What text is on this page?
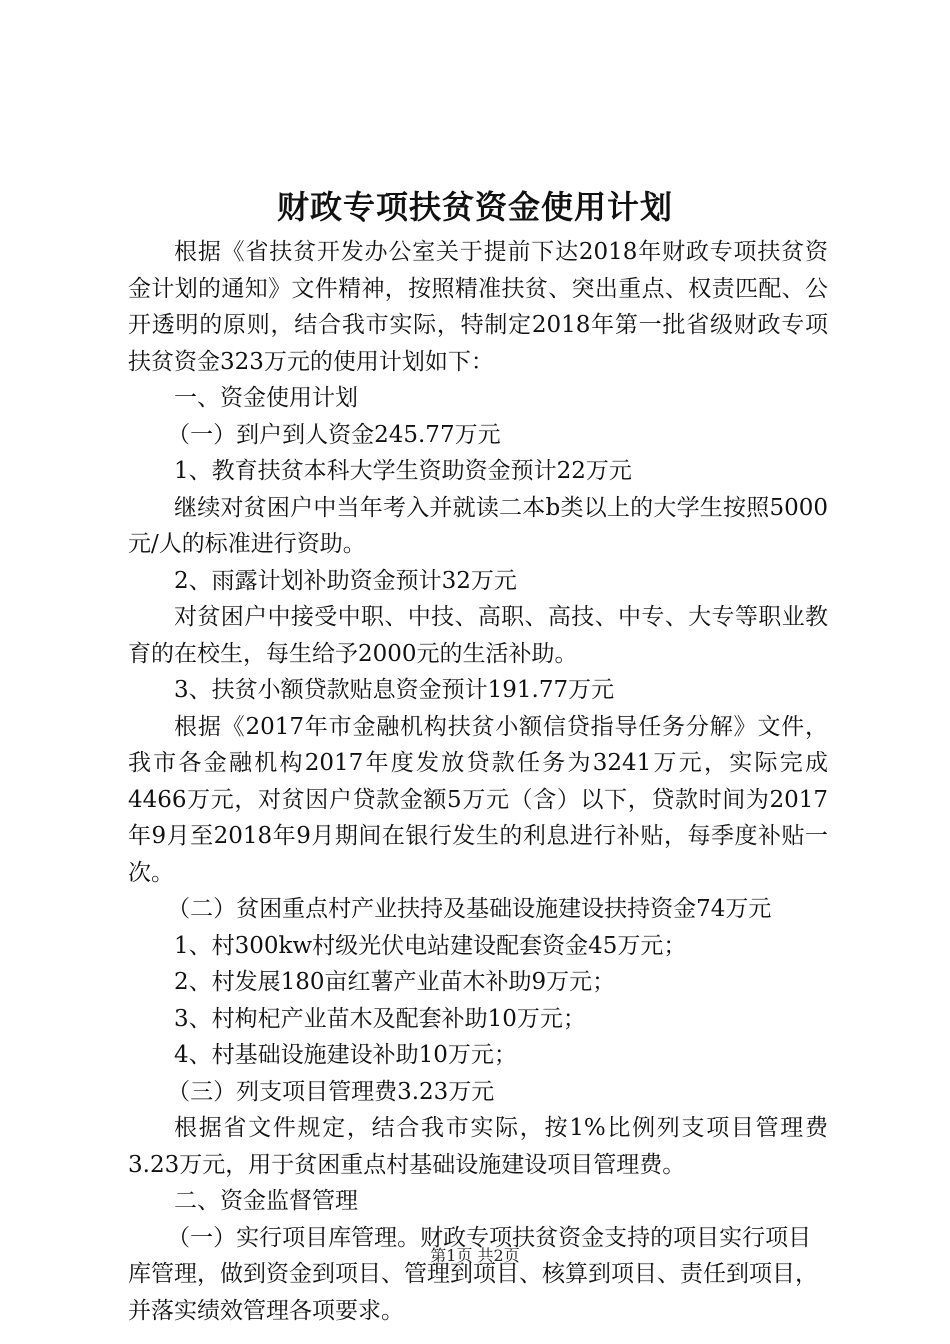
财政专项扶贫资金使用计划

根据《省扶贫开发办公室关于提前下达2018年财政专项扶贫资金计划的通知》文件精神，按照精准扶贫、突出重点、权责匹配、公开透明的原则，结合我市实际，特制定2018年第一批省级财政专项扶贫资金323万元的使用计划如下：

一、资金使用计划

（一）到户到人资金245.77万元

1、教育扶贫本科大学生资助资金预计22万元

继续对贫困户中当年考入并就读二本b类以上的大学生按照5000元/人的标准进行资助。

2、雨露计划补助资金预计32万元

对贫困户中接受中职、中技、高职、高技、中专、大专等职业教育的在校生，每生给予2000元的生活补助。

3、扶贫小额贷款贴息资金预计191.77万元

根据《2017年市金融机构扶贫小额信贷指导任务分解》文件，我市各金融机构2017年度发放贷款任务为3241万元，实际完成4466万元，对贫因户贷款金额5万元（含）以下，贷款时间为2017年9月至2018年9月期间在银行发生的利息进行补贴，每季度补贴一次。

（二）贫困重点村产业扶持及基础设施建设扶持资金74万元

1、村300kw村级光伏电站建设配套资金45万元；

2、村发展180亩红薯产业苗木补助9万元；

3、村枸杞产业苗木及配套补助10万元；

4、村基础设施建设补助10万元；

（三）列支项目管理费3.23万元

根据省文件规定，结合我市实际，按1%比例列支项目管理费3.23万元，用于贫困重点村基础设施建设项目管理费。

二、资金监督管理

（一）实行项目库管理。财政专项扶贫资金支持的项目实行项目库管理，做到资金到项目、管理到项目、核算到项目、责任到项目，并落实绩效管理各项要求。

第1页 共2页
